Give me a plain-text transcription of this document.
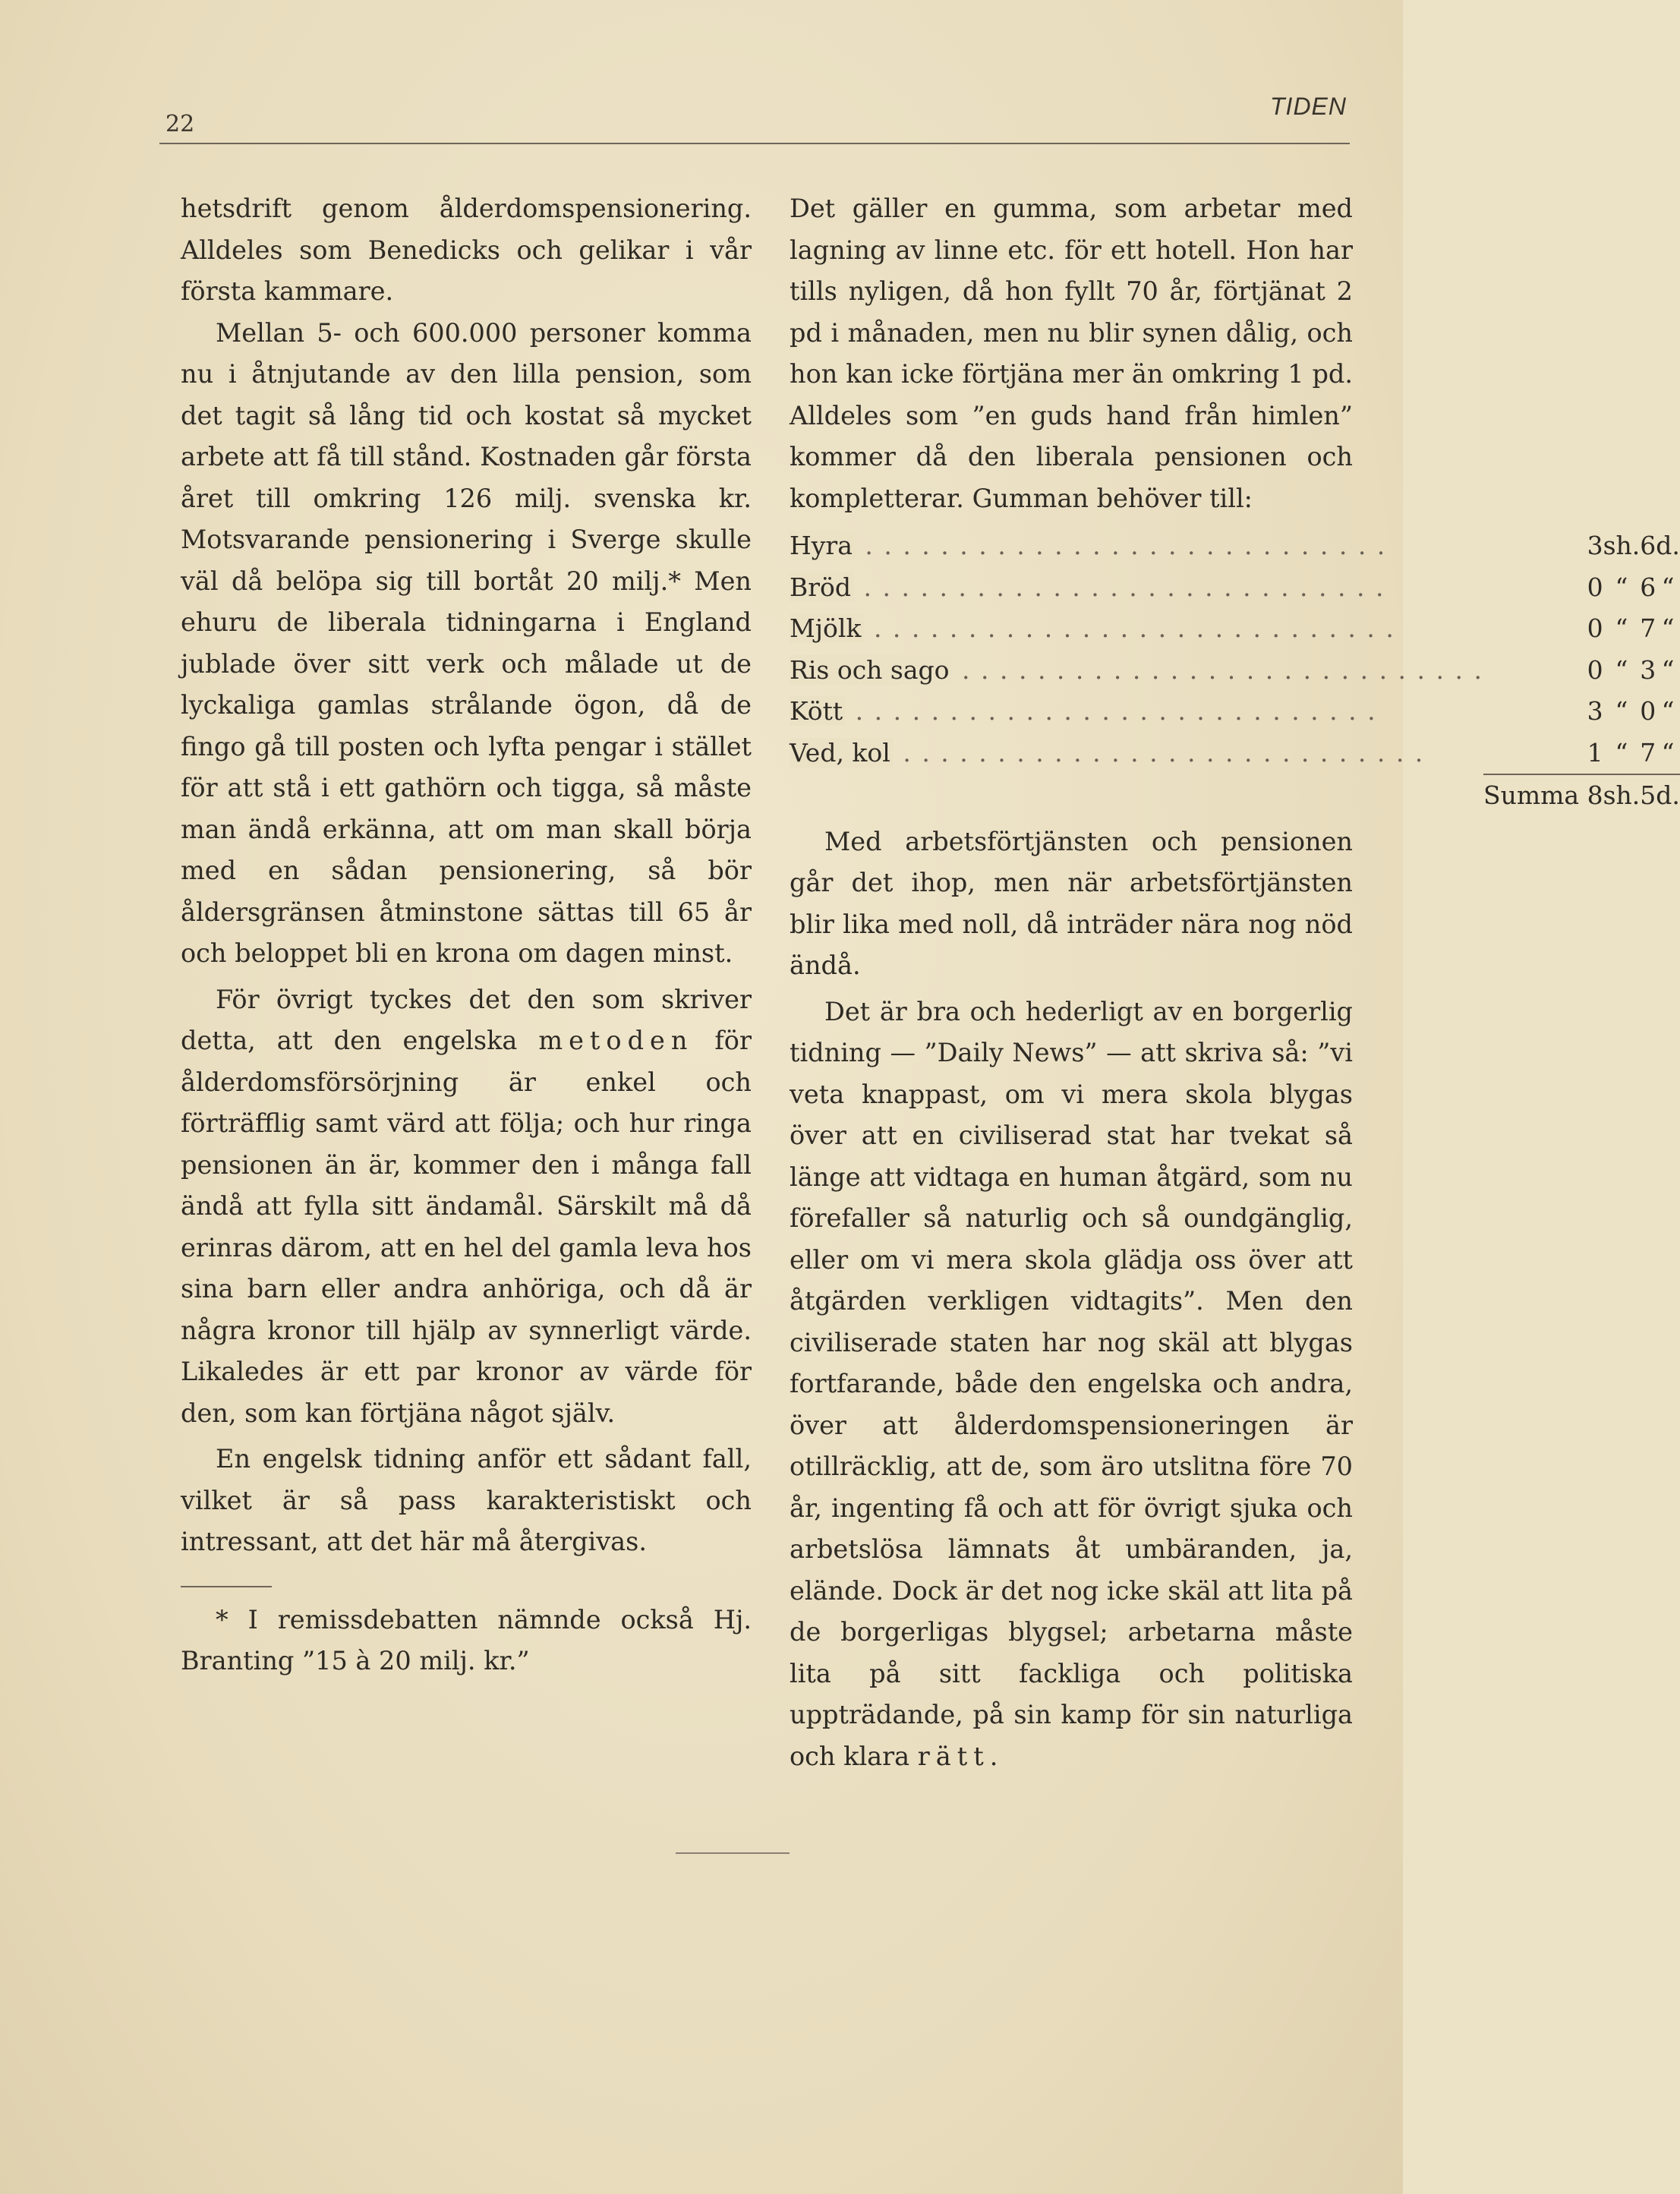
22
TIDEN

hetsdrift genom ålderdomspensionering. Alldeles som Benedicks och gelikar i vår första kammare.

Mellan 5- och 600.000 personer komma nu i åtnjutande av den lilla pension, som det tagit så lång tid och kostat så mycket arbete att få till stånd. Kostnaden går första året till omkring 126 milj. svenska kr. Motsvarande pensionering i Sverge skulle väl då belöpa sig till bortåt 20 milj.* Men ehuru de liberala tidningarna i England jublade över sitt verk och målade ut de lyckaliga gamlas strålande ögon, då de fingo gå till posten och lyfta pengar i stället för att stå i ett gathörn och tigga, så måste man ändå erkänna, att om man skall börja med en sådan pensionering, så bör åldersgränsen åtminstone sättas till 65 år och beloppet bli en krona om dagen minst.

För övrigt tyckes det den som skriver detta, att den engelska metoden för ålderdomsförsörjning är enkel och förträfflig samt värd att följa; och hur ringa pensionen än är, kommer den i många fall ändå att fylla sitt ändamål. Särskilt må då erinras därom, att en hel del gamla leva hos sina barn eller andra anhöriga, och då är några kronor till hjälp av synnerligt värde. Likaledes är ett par kronor av värde för den, som kan förtjäna något själv.

En engelsk tidning anför ett sådant fall, vilket är så pass karakteristiskt och intressant, att det här må återgivas.

* I remissdebatten nämnde också Hj. Branting ”15 à 20 milj. kr.”

Det gäller en gumma, som arbetar med lagning av linne etc. för ett hotell. Hon har tills nyligen, då hon fyllt 70 år, förtjänat 2 pd i månaden, men nu blir synen dålig, och hon kan icke förtjäna mer än omkring 1 pd. Alldeles som ”en guds hand från himlen” kommer då den liberala pensionen och kompletterar. Gumman behöver till:

Hyra . . . . . . . . . . . . . . . . . . . . . . . . . . . .	3	sh.	6	d.
Bröd . . . . . . . . . . . . . . . . . . . . . . . . . . . .	0	“	6	“
Mjölk . . . . . . . . . . . . . . . . . . . . . . . . . . . .	0	“	7	“
Ris och sago . . . . . . . . . . . . . . . . . . . . . . . . . . . .	0	“	3	“
Kött . . . . . . . . . . . . . . . . . . . . . . . . . . . .	3	“	0	“
Ved, kol . . . . . . . . . . . . . . . . . . . . . . . . . . . .	1	“	7	“
	Summa 8	sh.	5	d.

Med arbetsförtjänsten och pensionen går det ihop, men när arbetsförtjänsten blir lika med noll, då inträder nära nog nöd ändå.

Det är bra och hederligt av en borgerlig tidning — ”Daily News” — att skriva så: ”vi veta knappast, om vi mera skola blygas över att en civiliserad stat har tvekat så länge att vidtaga en human åtgärd, som nu förefaller så naturlig och så oundgänglig, eller om vi mera skola glädja oss över att åtgärden verkligen vidtagits”. Men den civiliserade staten har nog skäl att blygas fortfarande, både den engelska och andra, över att ålderdomspensioneringen är otillräcklig, att de, som äro utslitna före 70 år, ingenting få och att för övrigt sjuka och arbetslösa lämnats åt umbäranden, ja, elände. Dock är det nog icke skäl att lita på de borgerligas blygsel; arbetarna måste lita på sitt fackliga och politiska uppträdande, på sin kamp för sin naturliga och klara rätt.
